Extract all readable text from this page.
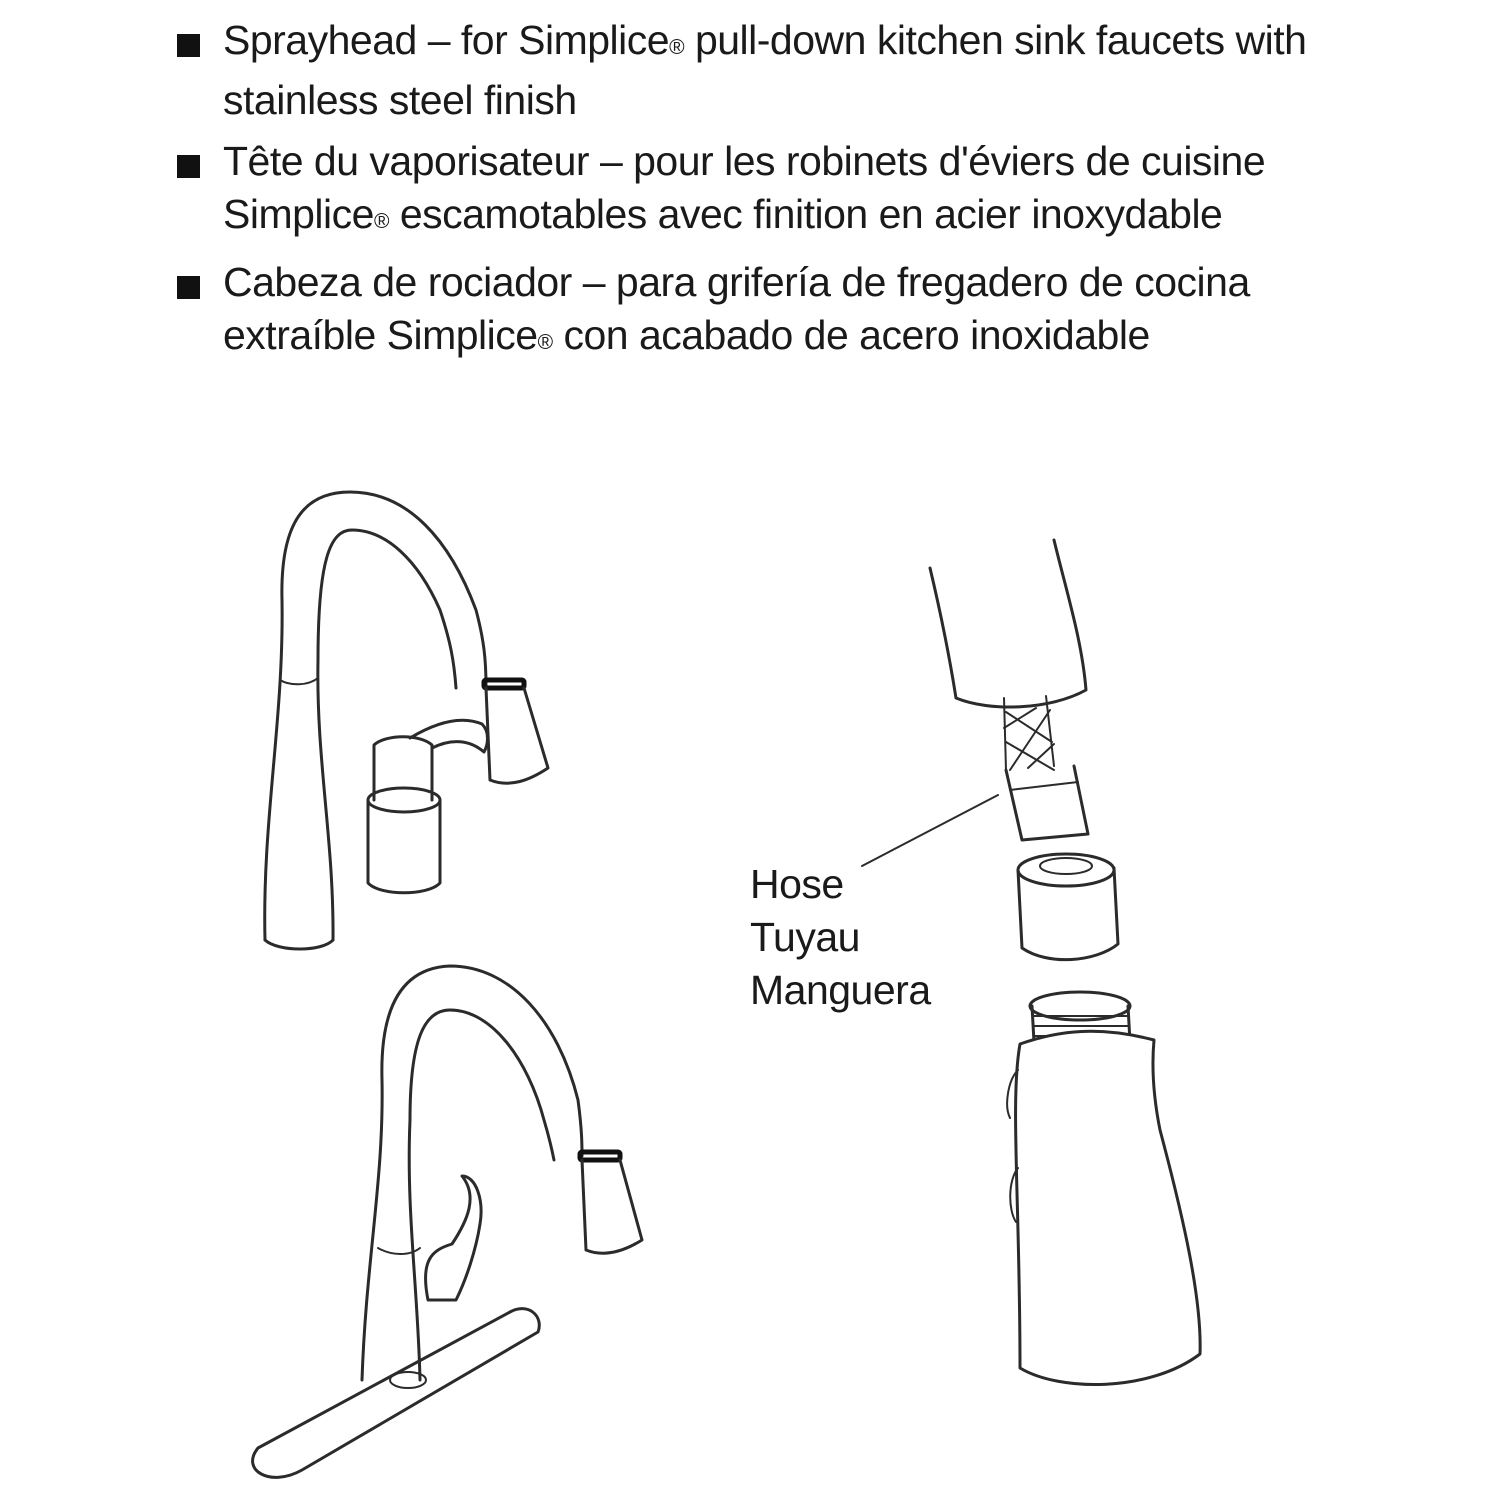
Sprayhead – for Simplice® pull-down kitchen sink faucets with stainless steel finish
Tête du vaporisateur – pour les robinets d'éviers de cuisine Simplice® escamotables avec finition en acier inoxydable
Cabeza de rociador – para grifería de fregadero de cocina extraíble Simplice® con acabado de acero inoxidable
Hose
Tuyau
Manguera
